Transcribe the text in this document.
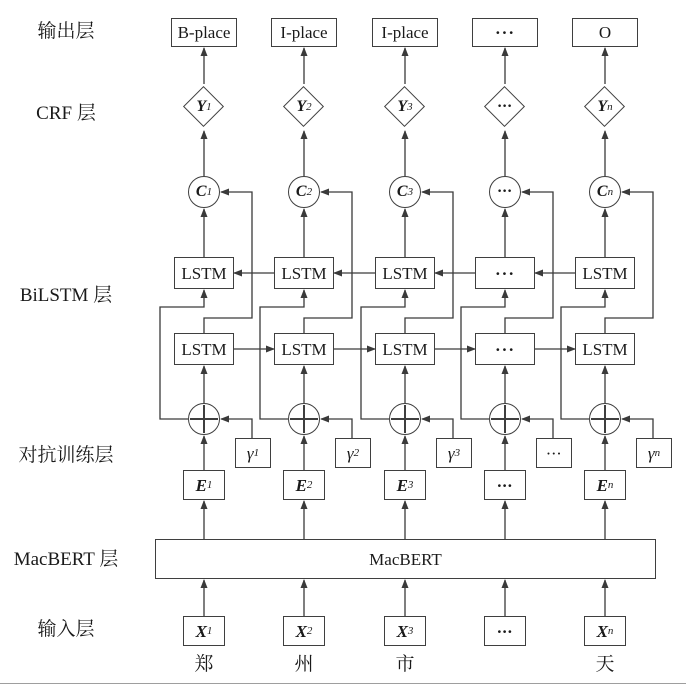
输出层
CRF 层
BiLSTM 层
对抗训练层
MacBERT 层
输入层
MacBERT
B-place
Y 1
C 1
LSTM
LSTM
γ 1
E 1
X 1
郑
I-place
Y 2
C 2
LSTM
LSTM
γ 2
E 2
X 2
州
I-place
Y 3
C 3
LSTM
LSTM
γ 3
E 3
X 3
市
···
···
···
···
···
···
···
···
O
Y n
C n
LSTM
LSTM
γ n
E n
X n
天
